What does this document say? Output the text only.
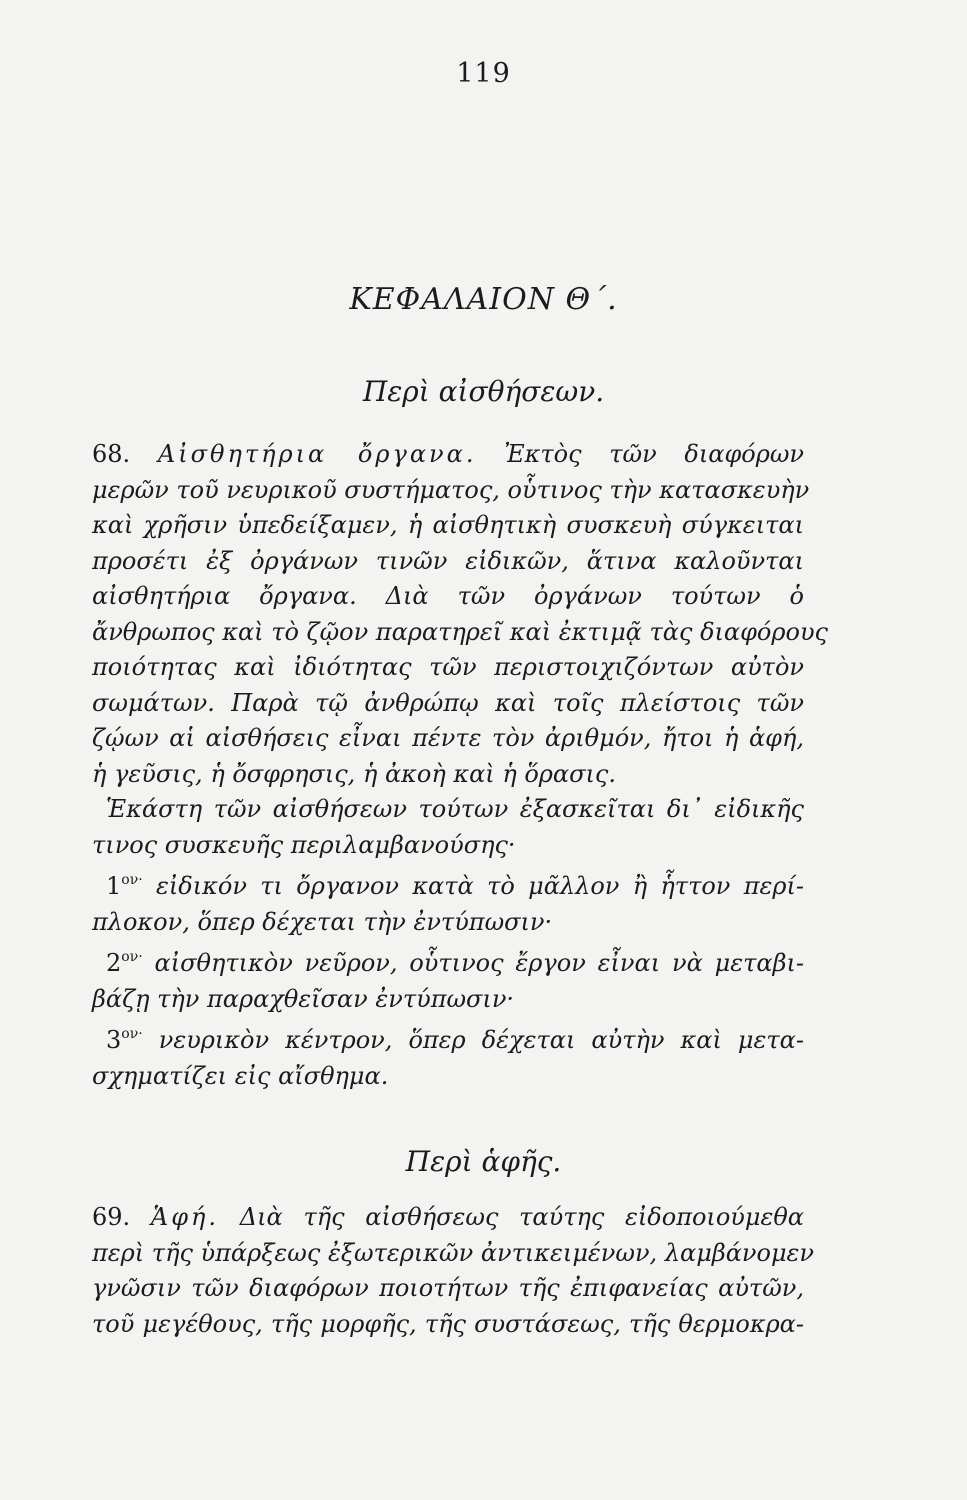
119
ΚΕΦΑΛΑΙΟΝ Θ΄.
Περὶ αἰσθήσεων.
68. Αἰσθητήρια ὄργανα. Ἐκτὸς τῶν διαφόρων
μερῶν τοῦ νευρικοῦ συστήματος, οὗτινος τὴν κατασκευὴν
καὶ χρῆσιν ὑπεδείξαμεν, ἡ αἰσθητικὴ συσκευὴ σύγκειται
προσέτι ἐξ ὀργάνων τινῶν εἰδικῶν, ἅτινα καλοῦνται
αἰσθητήρια ὄργανα. Διὰ τῶν ὀργάνων τούτων ὁ
ἄνθρωπος καὶ τὸ ζῷον παρατηρεῖ καὶ ἐκτιμᾷ τὰς διαφόρους
ποιότητας καὶ ἰδιότητας τῶν περιστοιχιζόντων αὐτὸν
σωμάτων. Παρὰ τῷ ἀνθρώπῳ καὶ τοῖς πλείστοις τῶν
ζῴων αἱ αἰσθήσεις εἶναι πέντε τὸν ἀριθμόν, ἤτοι ἡ ἁφή,
ἡ γεῦσις, ἡ ὄσφρησις, ἡ ἀκοὴ καὶ ἡ ὅρασις.
Ἑκάστη τῶν αἰσθήσεων τούτων ἐξασκεῖται δι᾽ εἰδικῆς
τινος συσκευῆς περιλαμβανούσης·
$1^{o\nu\cdot}$ εἰδικόν τι ὄργανον κατὰ τὸ μᾶλλον ἢ ἧττον περί-
πλοκον, ὅπερ δέχεται τὴν ἐντύπωσιν·
$2^{o\nu\cdot}$ αἰσθητικὸν νεῦρον, οὗτινος ἔργον εἶναι νὰ μεταβι-
βάζῃ τὴν παραχθεῖσαν ἐντύπωσιν·
$3^{o\nu\cdot}$ νευρικὸν κέντρον, ὅπερ δέχεται αὐτὴν καὶ μετα-
σχηματίζει εἰς αἴσθημα.
Περὶ ἁφῆς.
69. Ἁφή. Διὰ τῆς αἰσθήσεως ταύτης εἰδοποιούμεθα
περὶ τῆς ὑπάρξεως ἐξωτερικῶν ἀντικειμένων, λαμβάνομεν
γνῶσιν τῶν διαφόρων ποιοτήτων τῆς ἐπιφανείας αὐτῶν,
τοῦ μεγέθους, τῆς μορφῆς, τῆς συστάσεως, τῆς θερμοκρα-
